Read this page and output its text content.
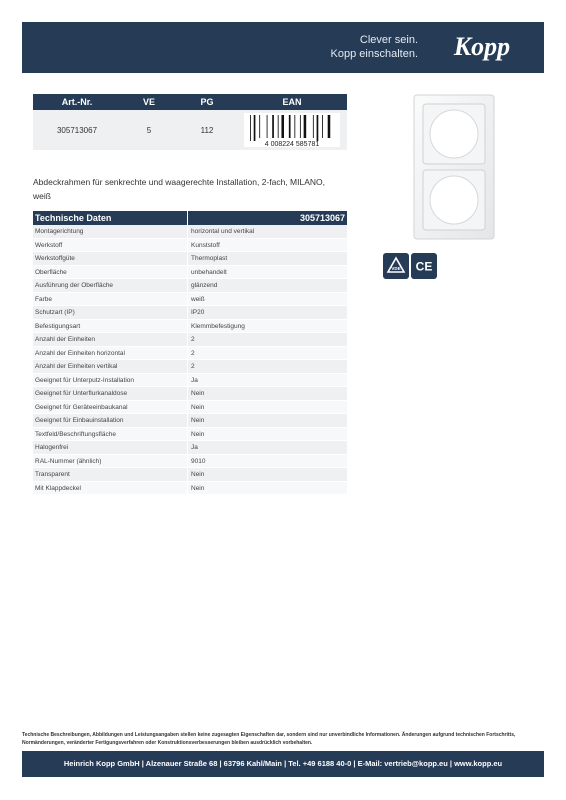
Clever sein.
Kopp einschalten. Kopp
Art.-Nr.	VE	PG	EAN
305713067	5	112	4 008224 585781
VDE CE
Abdeckrahmen für senkrechte und waagerechte Installation, 2-fach, MILANO, weiß
Technische Daten	305713067
Montagerichtung	horizontal und vertikal
Werkstoff	Kunststoff
Werkstoffgüte	Thermoplast
Oberfläche	unbehandelt
Ausführung der Oberfläche	glänzend
Farbe	weiß
Schutzart (IP)	IP20
Befestigungsart	Klemmbefestigung
Anzahl der Einheiten	2
Anzahl der Einheiten horizontal	2
Anzahl der Einheiten vertikal	2
Geeignet für Unterputz-Installation	Ja
Geeignet für Unterflurkanaldose	Nein
Geeignet für Geräteeinbaukanal	Nein
Geeignet für Einbauinstallation	Nein
Textfeld/Beschriftungsfläche	Nein
Halogenfrei	Ja
RAL-Nummer (ähnlich)	9010
Transparent	Nein
Mit Klappdeckel	Nein
Technische Beschreibungen, Abbildungen und Leistungsangaben stellen keine zugesagten Eigenschaften dar, sondern sind nur unverbindliche Informationen. Änderungen aufgrund technischen Fortschritts, Normänderungen, veränderter Fertigungsverfahren oder Konstruktionsverbesserungen bleiben ausdrücklich vorbehalten.
Heinrich Kopp GmbH | Alzenauer Straße 68 | 63796 Kahl/Main | Tel. +49 6188 40-0 | E-Mail: vertrieb@kopp.eu | www.kopp.eu
